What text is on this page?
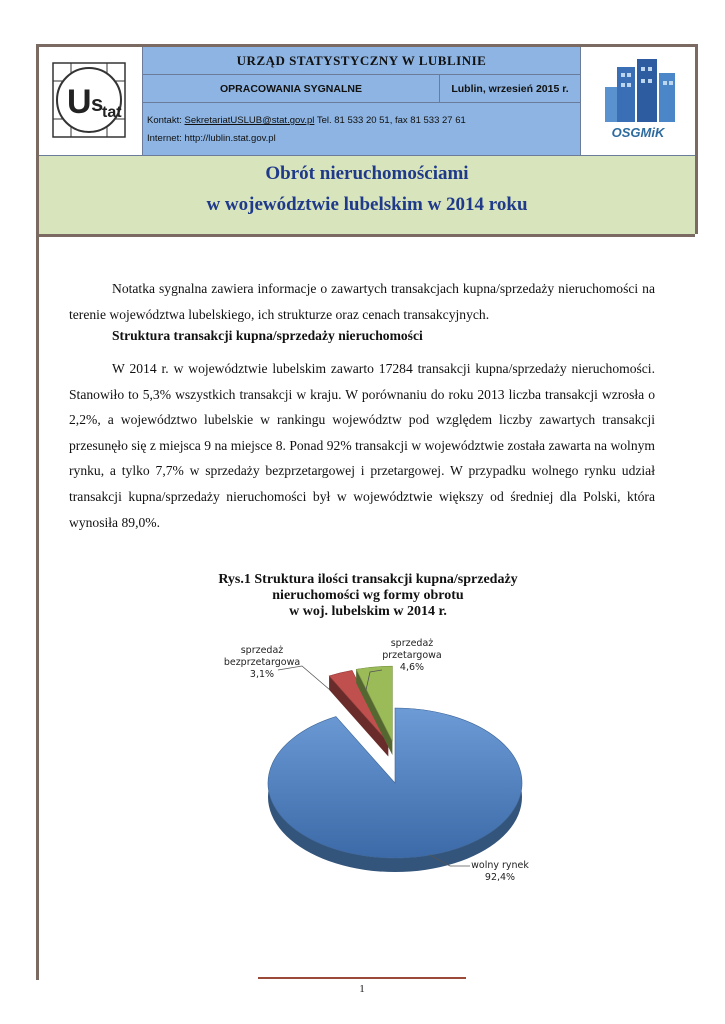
U s
tat
OSGMiK
URZĄD STATYSTYCZNY W LUBLINIE
OPRACOWANIA SYGNALNE	Lublin, wrzesień 2015 r.
Kontakt: SekretariatUSLUB@stat.gov.pl Tel. 81 533 20 51, fax 81 533 27 61
Internet: http://lublin.stat.gov.pl
Obrót nieruchomościami
w województwie lubelskim w 2014 roku
Notatka sygnalna zawiera informacje o zawartych transakcjach kupna/sprzedaży nieruchomości na terenie województwa lubelskiego, ich strukturze oraz cenach transakcyjnych.
Struktura transakcji kupna/sprzedaży nieruchomości
W 2014 r. w województwie lubelskim zawarto 17284 transakcji kupna/sprzedaży nieruchomości. Stanowiło to 5,3% wszystkich transakcji w kraju. W porównaniu do roku 2013 liczba transakcji wzrosła o 2,2%, a województwo lubelskie w rankingu województw pod względem liczby zawartych transakcji przesunęło się z miejsca 9 na miejsce 8. Ponad 92% transakcji w województwie została zawarta na wolnym rynku, a tylko 7,7% w sprzedaży bezprzetargowej i przetargowej. W przypadku wolnego rynku udział transakcji kupna/sprzedaży nieruchomości był w województwie większy od średniej dla Polski, która wynosiła 89,0%.
Rys.1 Struktura ilości transakcji kupna/sprzedaży
nieruchomości wg formy obrotu
w woj. lubelskim w 2014 r.
sprzedaż
bezprzetargowa
3,1%
sprzedaż
przetargowa
4,6%
wolny rynek
92,4%
1
